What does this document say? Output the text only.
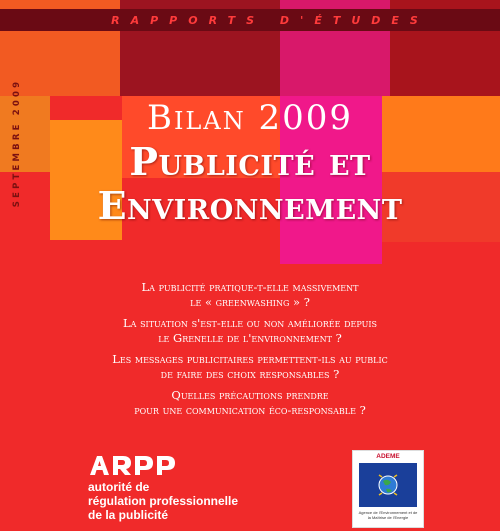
RAPPORTS D'ÉTUDES
SEPTEMBRE 2009	Bilan 2009
Publicité et
Environnement
La publicité pratique-t-elle massivement
le « greenwashing » ?
La situation s'est-elle ou non améliorée depuis
le Grenelle de l'environnement ?
Les messages publicitaires permettent-ils au public
de faire des choix responsables ?
Quelles précautions prendre
pour une communication éco-responsable ?
autorité de
régulation professionnelle
de la publicité
ADEME
Agence de l'Environnement et de la Maîtrise de l'Energie
